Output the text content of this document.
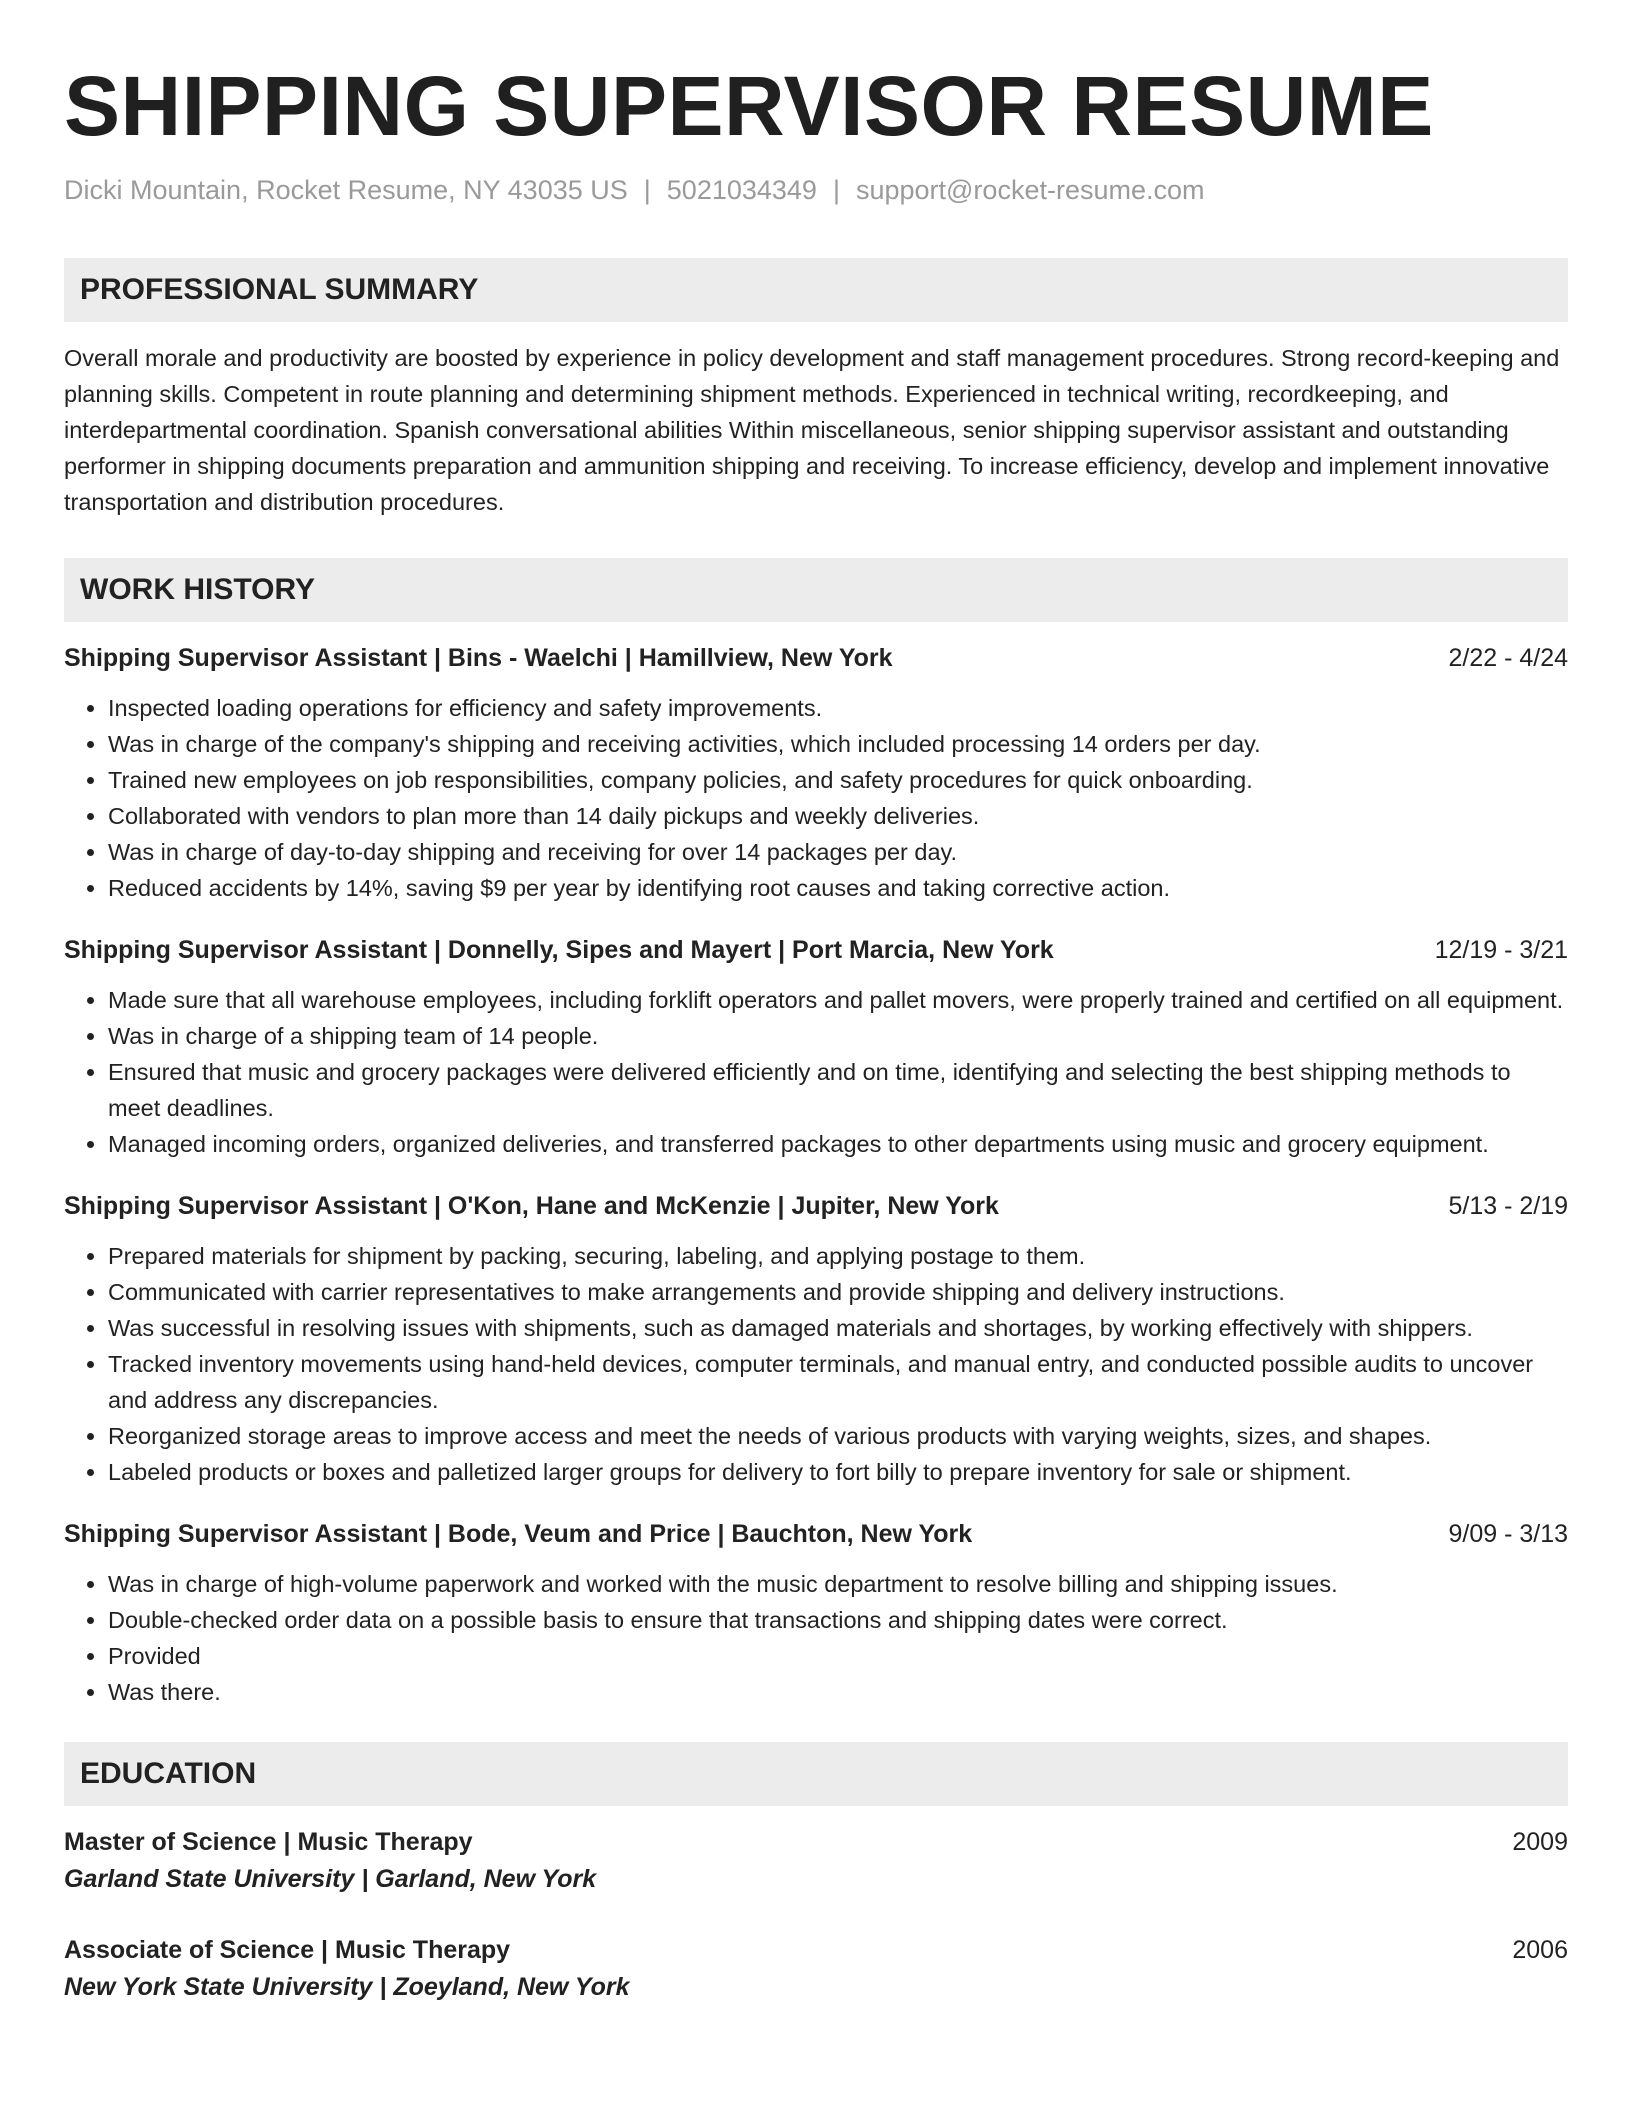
SHIPPING SUPERVISOR RESUME
Dicki Mountain, Rocket Resume, NY 43035 US | 5021034349 | support@rocket-resume.com
PROFESSIONAL SUMMARY
Overall morale and productivity are boosted by experience in policy development and staff management procedures. Strong record-keeping and planning skills. Competent in route planning and determining shipment methods. Experienced in technical writing, recordkeeping, and interdepartmental coordination. Spanish conversational abilities Within miscellaneous, senior shipping supervisor assistant and outstanding performer in shipping documents preparation and ammunition shipping and receiving. To increase efficiency, develop and implement innovative transportation and distribution procedures.
WORK HISTORY
Shipping Supervisor Assistant | Bins - Waelchi | Hamillview, New York	2/22 - 4/24
• Inspected loading operations for efficiency and safety improvements.
• Was in charge of the company's shipping and receiving activities, which included processing 14 orders per day.
• Trained new employees on job responsibilities, company policies, and safety procedures for quick onboarding.
• Collaborated with vendors to plan more than 14 daily pickups and weekly deliveries.
• Was in charge of day-to-day shipping and receiving for over 14 packages per day.
• Reduced accidents by 14%, saving $9 per year by identifying root causes and taking corrective action.
Shipping Supervisor Assistant | Donnelly, Sipes and Mayert | Port Marcia, New York	12/19 - 3/21
• Made sure that all warehouse employees, including forklift operators and pallet movers, were properly trained and certified on all equipment.
• Was in charge of a shipping team of 14 people.
• Ensured that music and grocery packages were delivered efficiently and on time, identifying and selecting the best shipping methods to meet deadlines.
• Managed incoming orders, organized deliveries, and transferred packages to other departments using music and grocery equipment.
Shipping Supervisor Assistant | O'Kon, Hane and McKenzie | Jupiter, New York	5/13 - 2/19
• Prepared materials for shipment by packing, securing, labeling, and applying postage to them.
• Communicated with carrier representatives to make arrangements and provide shipping and delivery instructions.
• Was successful in resolving issues with shipments, such as damaged materials and shortages, by working effectively with shippers.
• Tracked inventory movements using hand-held devices, computer terminals, and manual entry, and conducted possible audits to uncover and address any discrepancies.
• Reorganized storage areas to improve access and meet the needs of various products with varying weights, sizes, and shapes.
• Labeled products or boxes and palletized larger groups for delivery to fort billy to prepare inventory for sale or shipment.
Shipping Supervisor Assistant | Bode, Veum and Price | Bauchton, New York	9/09 - 3/13
• Was in charge of high-volume paperwork and worked with the music department to resolve billing and shipping issues.
• Double-checked order data on a possible basis to ensure that transactions and shipping dates were correct.
• Provided
• Was there.
EDUCATION
Master of Science | Music Therapy	2009
Garland State University | Garland, New York
Associate of Science | Music Therapy	2006
New York State University | Zoeyland, New York
